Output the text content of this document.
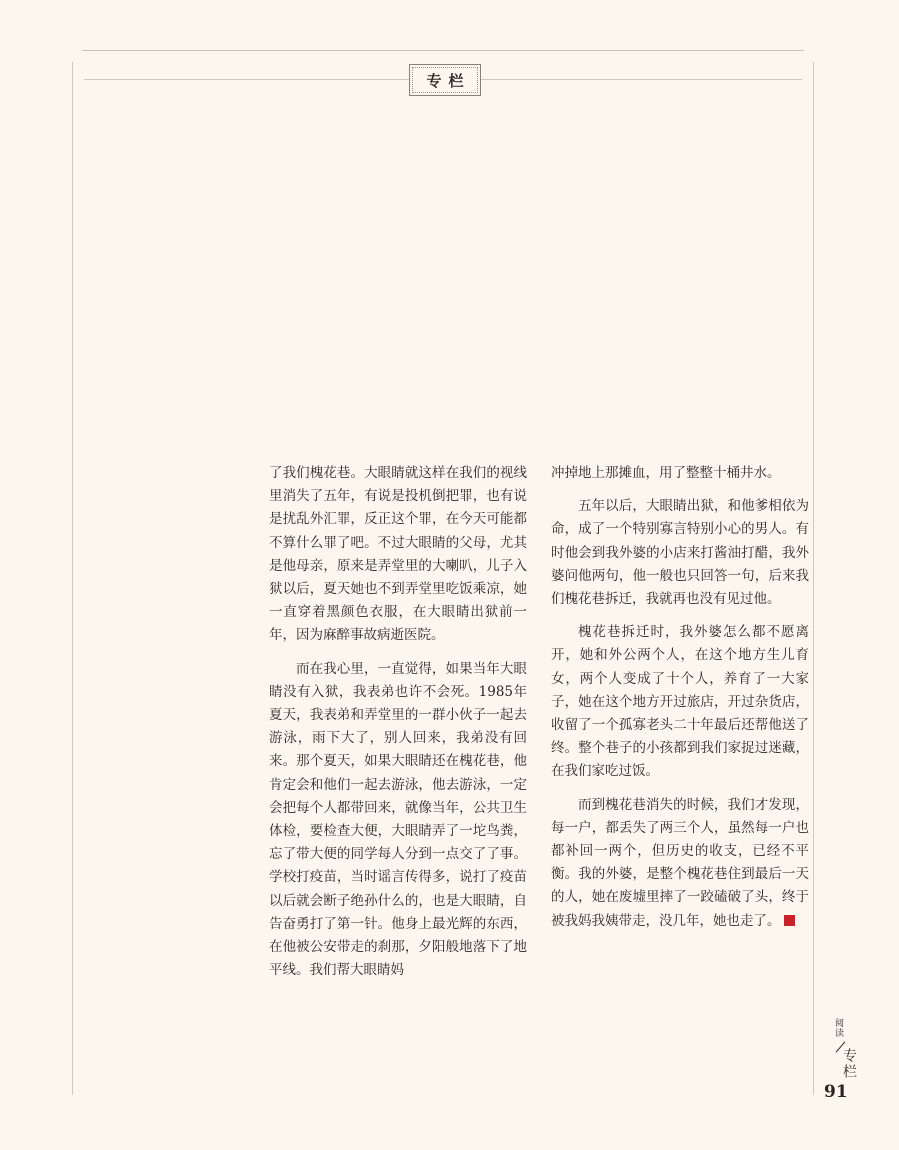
专栏

了我们槐花巷。大眼睛就这样在我们的视线里消失了五年，有说是投机倒把罪，也有说是扰乱外汇罪，反正这个罪，在今天可能都不算什么罪了吧。不过大眼睛的父母，尤其是他母亲，原来是弄堂里的大喇叭，儿子入狱以后，夏天她也不到弄堂里吃饭乘凉，她一直穿着黑颜色衣服，在大眼睛出狱前一年，因为麻醉事故病逝医院。

而在我心里，一直觉得，如果当年大眼睛没有入狱，我表弟也许不会死。1985年夏天，我表弟和弄堂里的一群小伙子一起去游泳，雨下大了，别人回来，我弟没有回来。那个夏天，如果大眼睛还在槐花巷，他肯定会和他们一起去游泳，他去游泳，一定会把每个人都带回来，就像当年，公共卫生体检，要检查大便，大眼睛弄了一坨鸟粪，忘了带大便的同学每人分到一点交了了事。学校打疫苗，当时谣言传得多，说打了疫苗以后就会断子绝孙什么的，也是大眼睛，自告奋勇打了第一针。他身上最光辉的东西，在他被公安带走的刹那，夕阳般地落下了地平线。我们帮大眼睛妈

冲掉地上那摊血，用了整整十桶井水。

五年以后，大眼睛出狱，和他爹相依为命，成了一个特别寡言特别小心的男人。有时他会到我外婆的小店来打酱油打醋，我外婆问他两句，他一般也只回答一句，后来我们槐花巷拆迁，我就再也没有见过他。

槐花巷拆迁时，我外婆怎么都不愿离开，她和外公两个人，在这个地方生儿育女，两个人变成了十个人，养育了一大家子，她在这个地方开过旅店，开过杂货店，收留了一个孤寡老头二十年最后还帮他送了终。整个巷子的小孩都到我们家捉过迷藏，在我们家吃过饭。

而到槐花巷消失的时候，我们才发现，每一户，都丢失了两三个人，虽然每一户也都补回一两个，但历史的收支，已经不平衡。我的外婆，是整个槐花巷住到最后一天的人，她在废墟里摔了一跤磕破了头，终于被我妈我姨带走，没几年，她也走了。

阅读
专栏
91
